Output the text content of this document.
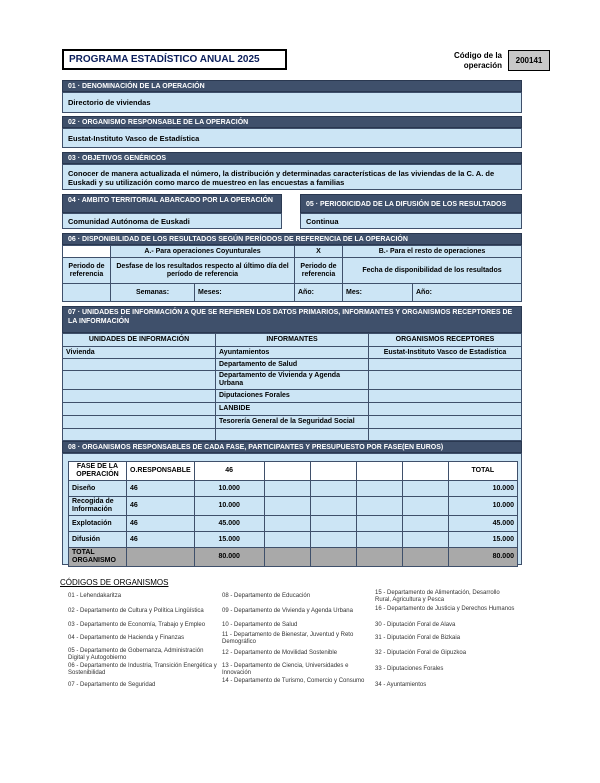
PROGRAMA ESTADÍSTICO ANUAL 2025	Código de la
operación
200141
01 · DENOMINACIÓN DE LA OPERACIÓN
Directorio de viviendas
02 · ORGANISMO RESPONSABLE DE LA OPERACIÓN
Eustat-Instituto Vasco de Estadística
03 · OBJETIVOS GENÉRICOS
Conocer de manera actualizada el número, la distribución y determinadas características de las viviendas de la C. A. de Euskadi y su utilización como marco de muestreo en las encuestas a familias
04 · AMBITO TERRITORIAL ABARCADO POR LA OPERACIÓN
Comunidad Autónoma de Euskadi
05 · PERIODICIDAD DE LA DIFUSIÓN DE LOS RESULTADOS
Continua
06 · DISPONIBILIDAD DE LOS RESULTADOS SEGÚN PERÍODOS DE REFERENCIA DE LA OPERACIÓN
	A.- Para operaciones Coyunturales		X	B.- Para el resto de operaciones	
Periodo de referencia	Desfase de los resultados respecto al último día del período de referencia		Periodo de referencia	Fecha de disponibilidad de los resultados	
	Semanas:	Meses:	Año:	Mes:	Año:
07 · UNIDADES DE INFORMACIÓN A QUE SE REFIEREN LOS DATOS PRIMARIOS, INFORMANTES Y ORGANISMOS RECEPTORES DE LA INFORMACIÓN
UNIDADES DE INFORMACIÓN	INFORMANTES	ORGANISMOS RECEPTORES
Vivienda	Ayuntamientos	Eustat-Instituto Vasco de Estadística
	Departamento de Salud	
	Departamento de Vivienda y Agenda Urbana	
	Diputaciones Forales	
	LANBIDE	
	Tesorería General de la Seguridad Social	

08 · ORGANISMOS RESPONSABLES DE CADA FASE, PARTICIPANTES Y PRESUPUESTO POR FASE(EN EUROS)
FASE DE LA OPERACIÓN	O.RESPONSABLE	46					TOTAL
Diseño	46	10.000					10.000
Recogida de Información	46	10.000					10.000
Explotación	46	45.000					45.000
Difusión	46	15.000					15.000
TOTAL ORGANISMO		80.000					80.000
CÓDIGOS DE ORGANISMOS
01 - Lehendakaritza
02 - Departamento de Cultura y Política Lingüística
03 - Departamento de Economía, Trabajo y Empleo
04 - Departamento de Hacienda y Finanzas
05 - Departamento de Gobernanza, Administración Digital y Autogobierno
06 - Departamento de Industria, Transición Energética y Sostenibilidad
07 - Departamento de Seguridad
08 - Departamento de Educación
09 - Departamento de Vivienda y Agenda Urbana
10 - Departamento de Salud
11 - Departamento de Bienestar, Juventud y Reto Demográfico
12 - Departamento de Movilidad Sostenible
13 - Departamento de Ciencia, Universidades e Innovación
14 - Departamento de Turismo, Comercio y Consumo
15 - Departamento de Alimentación, Desarrollo Rural, Agricultura y Pesca
16 - Departamento de Justicia y Derechos Humanos
30 - Diputación Foral de Alava
31 - Diputación Foral de Bizkaia
32 - Diputación Foral de Gipuzkoa
33 - Diputaciones Forales
34 - Ayuntamientos
